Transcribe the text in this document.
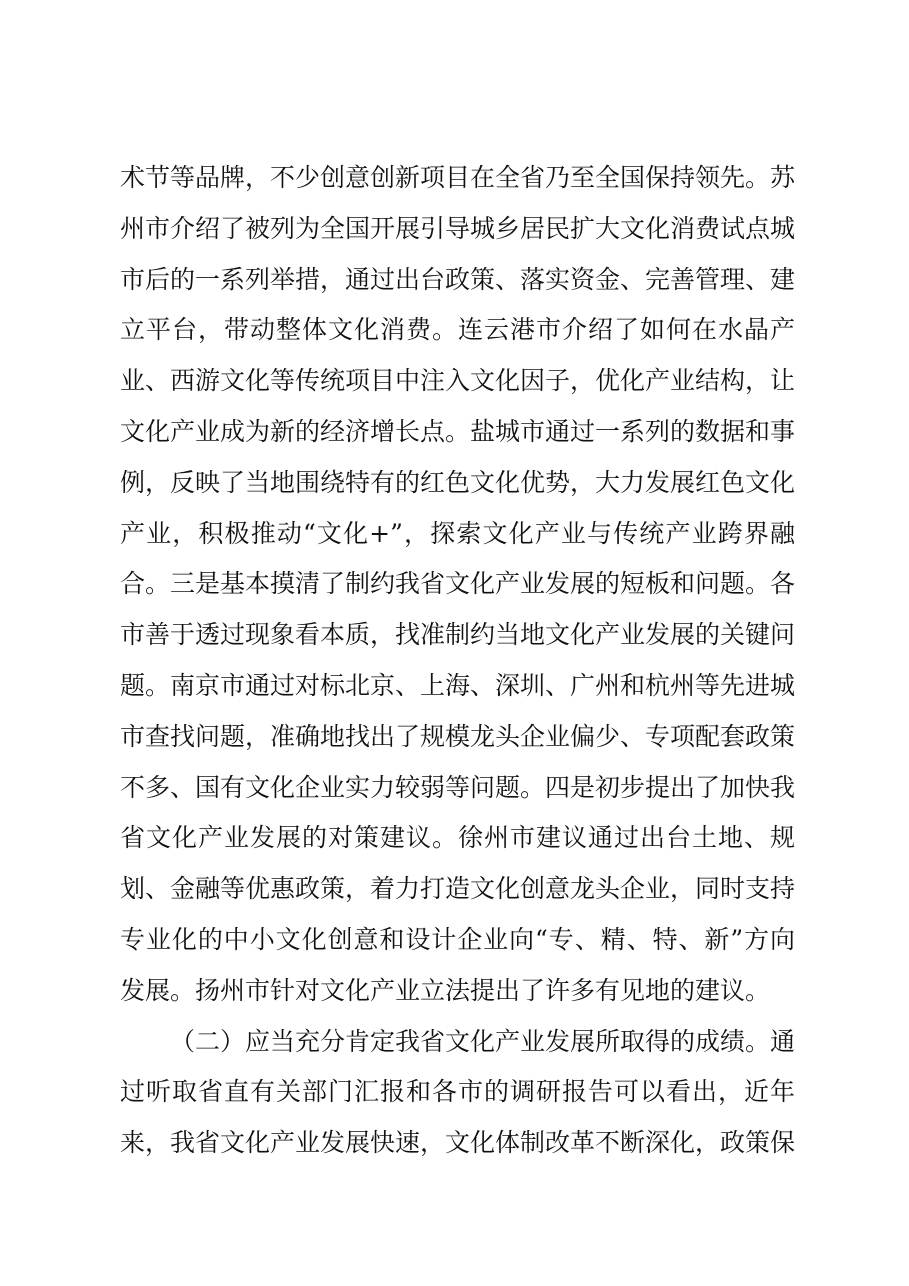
术节等品牌，不少创意创新项目在全省乃至全国保持领先。苏
州市介绍了被列为全国开展引导城乡居民扩大文化消费试点城
市后的一系列举措，通过出台政策、落实资金、完善管理、建
立平台，带动整体文化消费。连云港市介绍了如何在水晶产
业、西游文化等传统项目中注入文化因子，优化产业结构，让
文化产业成为新的经济增长点。盐城市通过一系列的数据和事
例，反映了当地围绕特有的红色文化优势，大力发展红色文化
产业，积极推动“文化+”，探索文化产业与传统产业跨界融
合。三是基本摸清了制约我省文化产业发展的短板和问题。各
市善于透过现象看本质，找准制约当地文化产业发展的关键问
题。南京市通过对标北京、上海、深圳、广州和杭州等先进城
市查找问题，准确地找出了规模龙头企业偏少、专项配套政策
不多、国有文化企业实力较弱等问题。四是初步提出了加快我
省文化产业发展的对策建议。徐州市建议通过出台土地、规
划、金融等优惠政策，着力打造文化创意龙头企业，同时支持
专业化的中小文化创意和设计企业向“专、精、特、新”方向
发展。扬州市针对文化产业立法提出了许多有见地的建议。
（二）应当充分肯定我省文化产业发展所取得的成绩。通
过听取省直有关部门汇报和各市的调研报告可以看出，近年
来，我省文化产业发展快速，文化体制改革不断深化，政策保
